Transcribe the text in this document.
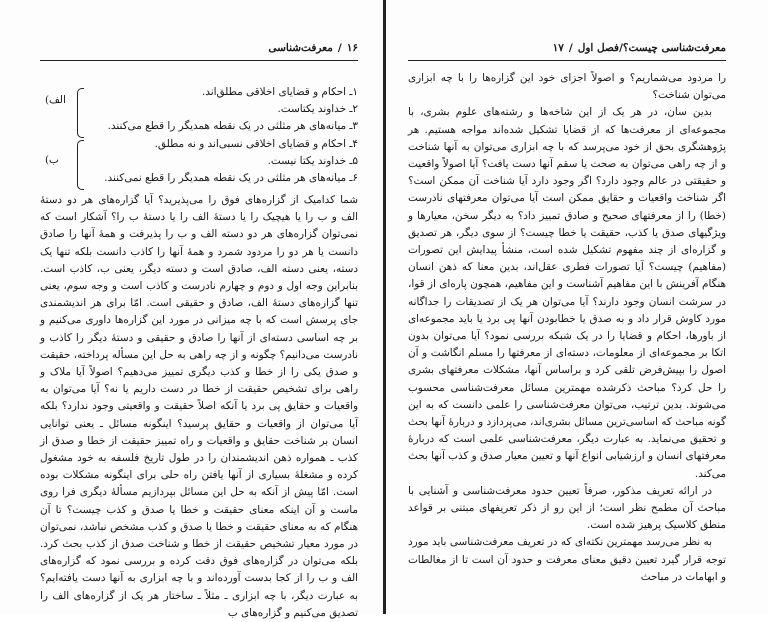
۱۶
/
معرفت‌شناسی
الف)
۱ـ احکام و قضایای اخلاقی مطلق‌اند.
۲ـ خداوند یکتاست.
۳ـ میانه‌های هر مثلثی در یک نقطه همدیگر را قطع می‌کنند.
ب)
۴ـ احکام و قضایای اخلاقی نسبی‌اند و نه مطلق.
۵ـ خداوند یکتا نیست.
۶ـ میانه‌های هر مثلثی در یک نقطه همدیگر را قطع نمی‌کنند.

شما کدامیک از گزاره‌های فوق را می‌پذیرید؟ آیا گزاره‌های هر دو دستهٔ الف و ب را یا هیچیک را یا دستهٔ الف را یا دستهٔ ب را؟ آشکار است که نمی‌توان گزاره‌های هر دو دسته الف و ب را پذیرفت و همهٔ آنها را صادق دانست یا هر دو را مردود شمرد و همهٔ آنها را کاذب دانست بلکه تنها یک دسته، یعنی دسته الف، صادق است و دسته دیگر، یعنی ب، کاذب است. بنابراین وجه اول و دوم و چهارم نادرست و کاذب است و وجه سوم، یعنی تنها گزاره‌های دستهٔ الف، صادق و حقیقی است. امّا برای هر اندیشمندی جای پرسش است که با چه میزانی در مورد این گزاره‌ها داوری می‌کنیم و بر چه اساسی دسته‌ای از آنها را صادق و حقیقی و دستهٔ دیگر را کاذب و نادرست می‌دانیم؟ چگونه و از چه راهی به حل این مسأله پرداخته، حقیقت و صدق یکی را از خطا و کذب دیگری تمییز می‌دهیم؟ اصولاً آیا ملاک و راهی برای تشخیص حقیقت از خطا در دست داریم یا نه؟ آیا می‌توان به واقعیات و حقایق پی برد یا آنکه اصلاً حقیقت و واقعیتی وجود ندارد؟ بلکه آیا می‌توان از واقعیات و حقایق پرسید؟ اینگونه مسائل ـ یعنی توانایی انسان بر شناخت حقایق و واقعیات و راه تمییز حقیقت از خطا و صدق از کذب ـ همواره ذهن اندیشمندان را در طول تاریخ فلسفه به خود مشغول کرده و مشغلهٔ بسیاری از آنها یافتن راه حلی برای اینگونه مشکلات بوده است. امّا پیش از آنکه به حل این مسائل بپردازیم مسألهٔ دیگری فرا روی ماست و آن اینکه معنای حقیقت و خطا یا صدق و کذب چیست؟ تا آن هنگام که به معنای حقیقت و خطا یا صدق و کذب مشخص نباشد، نمی‌توان در مورد معیار تشخیص حقیقت از خطا و شناخت صدق از کذب بحث کرد. بلکه می‌توان در گزاره‌های فوق دقت کرده و بررسی نمود که گزاره‌های الف و ب را از کجا بدست آورده‌اند و با چه ابزاری به آنها دست یافته‌ایم؟ به عبارت دیگر، با چه ابزاری ـ مثلاً ـ ساختار هر یک از گزاره‌های الف را تصدیق می‌کنیم و گزاره‌های ب

معرفت‌شناسی چیست؟/فصل اول
/
۱۷

را مردود می‌شماریم؟ و اصولاً اجزای خود این گزاره‌ها را با چه ابزاری می‌توان شناخت؟

بدین سان، در هر یک از این شاخه‌ها و رشته‌های علوم بشری، با مجموعه‌ای از معرفت‌ها که از قضایا تشکیل شده‌اند مواجه هستیم. هر پژوهشگری بحق از خود می‌پرسد که با چه ابزاری می‌توان به آنها شناخت و از چه راهی می‌توان به صحت یا سقم آنها دست یافت؟ آیا اصولاً واقعیت و حقیقتی در عالم وجود دارد؟ اگر وجود دارد آیا شناخت آن ممکن است؟ اگر شناخت واقعیات و حقایق ممکن است آیا می‌توان معرفتهای نادرست (خطا) را از معرفتهای صحیح و صادق تمییز داد؟ به دیگر سخن، معیارها و ویژگیهای صدق یا کذب، حقیقت یا خطا چیست؟ از سوی دیگر، هر تصدیق و گزاره‌ای از چند مفهوم تشکیل شده است، منشأ پیدایش این تصورات (مفاهیم) چیست؟ آیا تصورات فطری عقل‌اند، بدین معنا که ذهن انسان هنگام آفرینش با این مفاهیم آشناست و این مفاهیم، همچون پاره‌ای از قوا، در سرشت انسان وجود دارند؟ آیا می‌توان هر یک از تصدیقات را جداگانه مورد کاوش قرار داد و به صدق یا خطابودن آنها پی برد یا باید مجموعه‌ای از باورها، احکام و قضایا را در یک شبکه بررسی نمود؟ آیا می‌توان بدون اتکا بر مجموعه‌ای از معلومات، دسته‌ای از معرفتها را مسلم انگاشت و آن اصول را بپیش‌فرض تلقی کرد و براساس آنها، مشکلات معرفتهای بشری را حل کرد؟ مباحث ذکرشده مهمترین مسائل معرفت‌شناسی محسوب می‌شوند. بدین ترتیب، می‌توان معرفت‌شناسی را علمی دانست که به این گونه مباحث که اساسی‌ترین مسائل بشری‌اند، می‌پردازد و دربارهٔ آنها بحث و تحقیق می‌نماید. به عبارت دیگر، معرفت‌شناسی علمی است که دربارهٔ معرفتهای انسان و ارزشیابی انواع آنها و تعیین معیار صدق و کذب آنها بحث می‌کند.

در ارائه تعریف مذکور، صرفاً تعیین حدود معرفت‌شناسی و آشنایی با مباحث آن مطمح نظر است؛ از این رو از ذکر تعریفهای مبتنی بر قواعد منطق کلاسیک پرهیز شده است.

به نظر می‌رسد مهمترین نکته‌ای که در تعریف معرفت‌شناسی باید مورد توجه قرار گیرد تعیین دقیق معنای معرفت و حدود آن است تا از مغالطات و ابهامات در مباحث
